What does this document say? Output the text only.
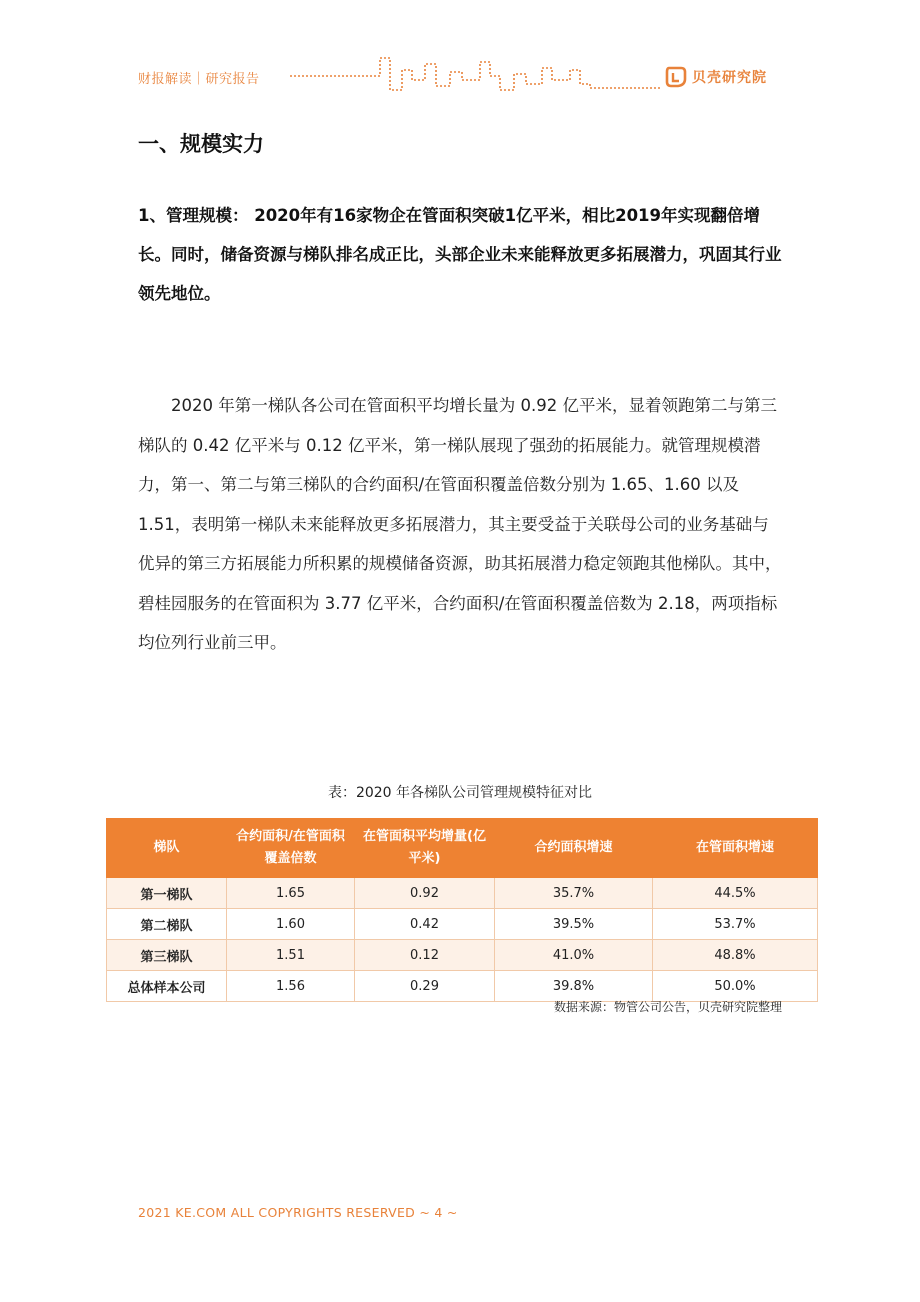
财报解读｜研究报告	贝壳研究院
一、规模实力
1、管理规模： 2020年有16家物企在管面积突破1亿平米，相比2019年实现翻倍增长。同时，储备资源与梯队排名成正比，头部企业未来能释放更多拓展潜力，巩固其行业领先地位。
2020 年第一梯队各公司在管面积平均增长量为 0.92 亿平米，显着领跑第二与第三梯队的 0.42 亿平米与 0.12 亿平米，第一梯队展现了强劲的拓展能力。就管理规模潜力，第一、第二与第三梯队的合约面积/在管面积覆盖倍数分别为 1.65、1.60 以及 1.51，表明第一梯队未来能释放更多拓展潜力，其主要受益于关联母公司的业务基础与优异的第三方拓展能力所积累的规模储备资源，助其拓展潜力稳定领跑其他梯队。其中，碧桂园服务的在管面积为 3.77 亿平米，合约面积/在管面积覆盖倍数为 2.18，两项指标均位列行业前三甲。
表：2020 年各梯队公司管理规模特征对比
梯队	合约面积/在管面积覆盖倍数	在管面积平均增量(亿平米)	合约面积增速	在管面积增速
第一梯队	1.65	0.92	35.7%	44.5%
第二梯队	1.60	0.42	39.5%	53.7%
第三梯队	1.51	0.12	41.0%	48.8%
总体样本公司	1.56	0.29	39.8%	50.0%
数据来源：物管公司公告，贝壳研究院整理
2021 KE.COM ALL COPYRIGHTS RESERVED ~ 4 ~
